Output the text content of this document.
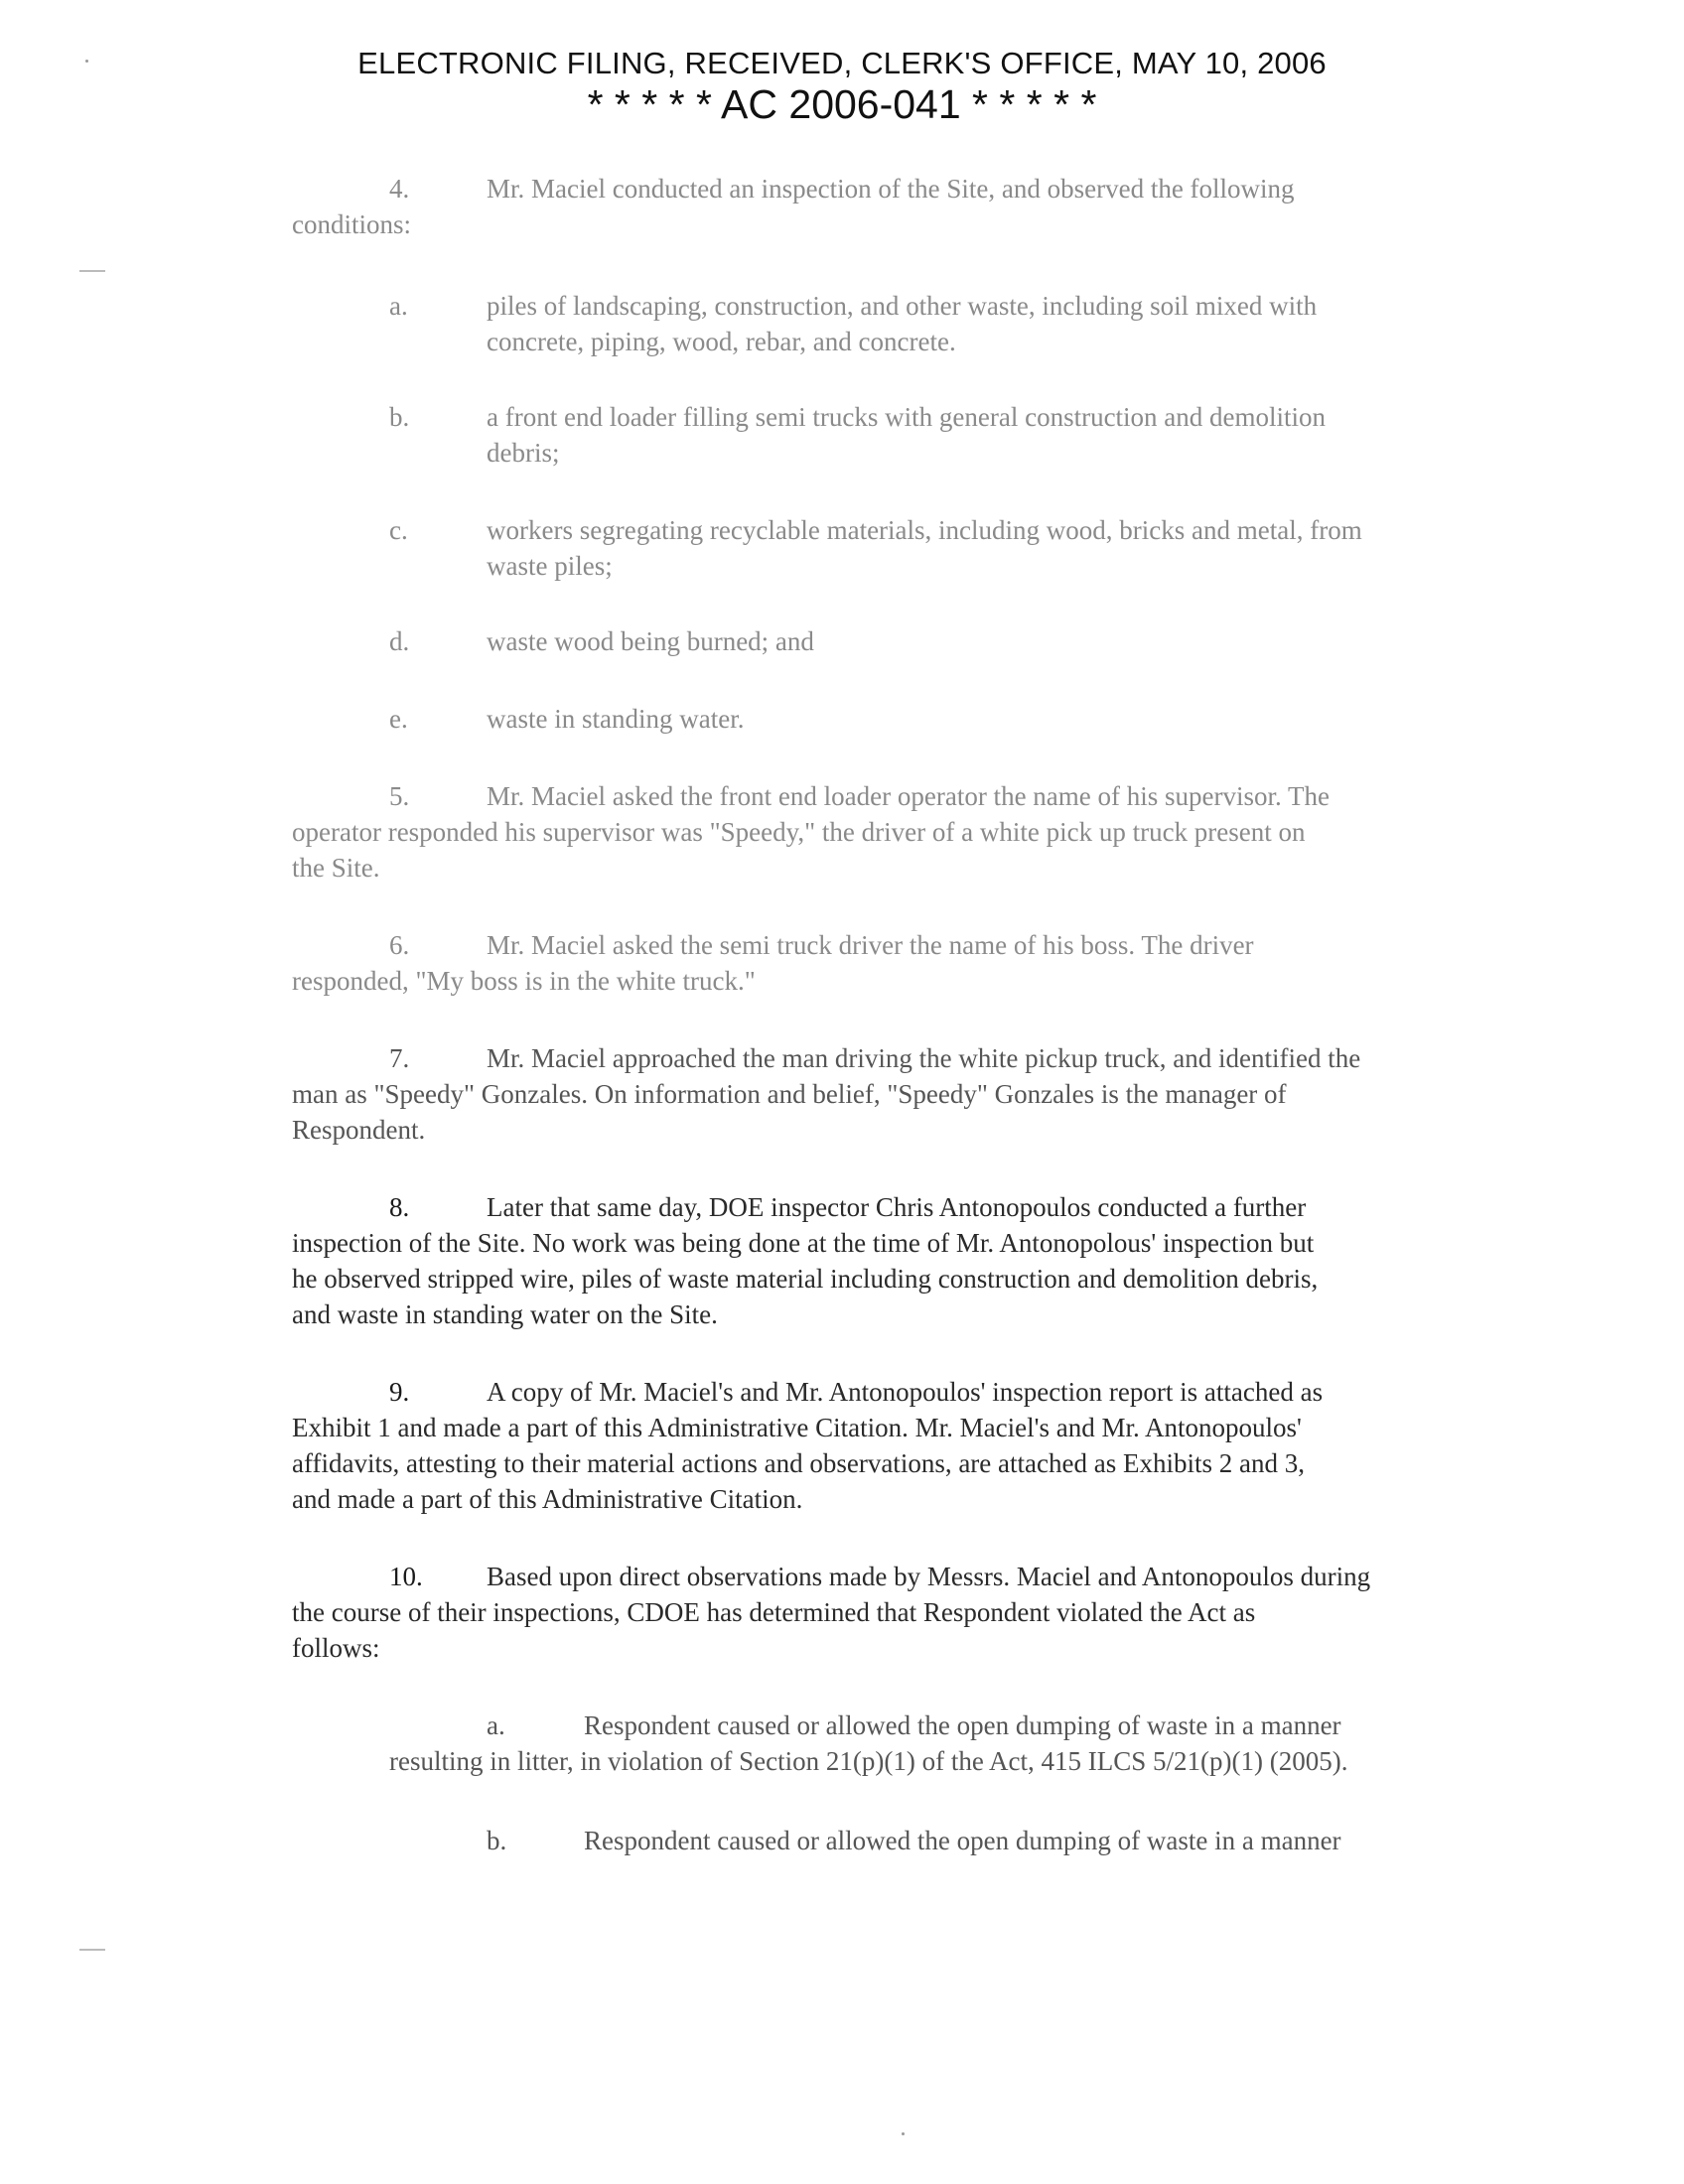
ELECTRONIC FILING, RECEIVED, CLERK'S OFFICE, MAY 10, 2006
* * * * * AC 2006-041 * * * * *
4.	Mr. Maciel conducted an inspection of the Site, and observed the following
conditions:
a.	piles of landscaping, construction, and other waste, including soil mixed with
concrete, piping, wood, rebar, and concrete.
b.	a front end loader filling semi trucks with general construction and demolition
debris;
c.	workers segregating recyclable materials, including wood, bricks and metal, from
waste piles;
d.	waste wood being burned; and
e.	waste in standing water.
5.	Mr. Maciel asked the front end loader operator the name of his supervisor. The
operator responded his supervisor was "Speedy," the driver of a white pick up truck present on
the Site.
6.	Mr. Maciel asked the semi truck driver the name of his boss. The driver
responded, "My boss is in the white truck."
7.	Mr. Maciel approached the man driving the white pickup truck, and identified the
man as "Speedy" Gonzales. On information and belief, "Speedy" Gonzales is the manager of
Respondent.
8.	Later that same day, DOE inspector Chris Antonopoulos conducted a further
inspection of the Site. No work was being done at the time of Mr. Antonopolous' inspection but
he observed stripped wire, piles of waste material including construction and demolition debris,
and waste in standing water on the Site.
9.	A copy of Mr. Maciel's and Mr. Antonopoulos' inspection report is attached as
Exhibit 1 and made a part of this Administrative Citation. Mr. Maciel's and Mr. Antonopoulos'
affidavits, attesting to their material actions and observations, are attached as Exhibits 2 and 3,
and made a part of this Administrative Citation.
10. Based upon direct observations made by Messrs. Maciel and Antonopoulos during
the course of their inspections, CDOE has determined that Respondent violated the Act as
follows:
a.	Respondent caused or allowed the open dumping of waste in a manner
resulting in litter, in violation of Section 21(p)(1) of the Act, 415 ILCS 5/21(p)(1) (2005).
b.	Respondent caused or allowed the open dumping of waste in a manner
